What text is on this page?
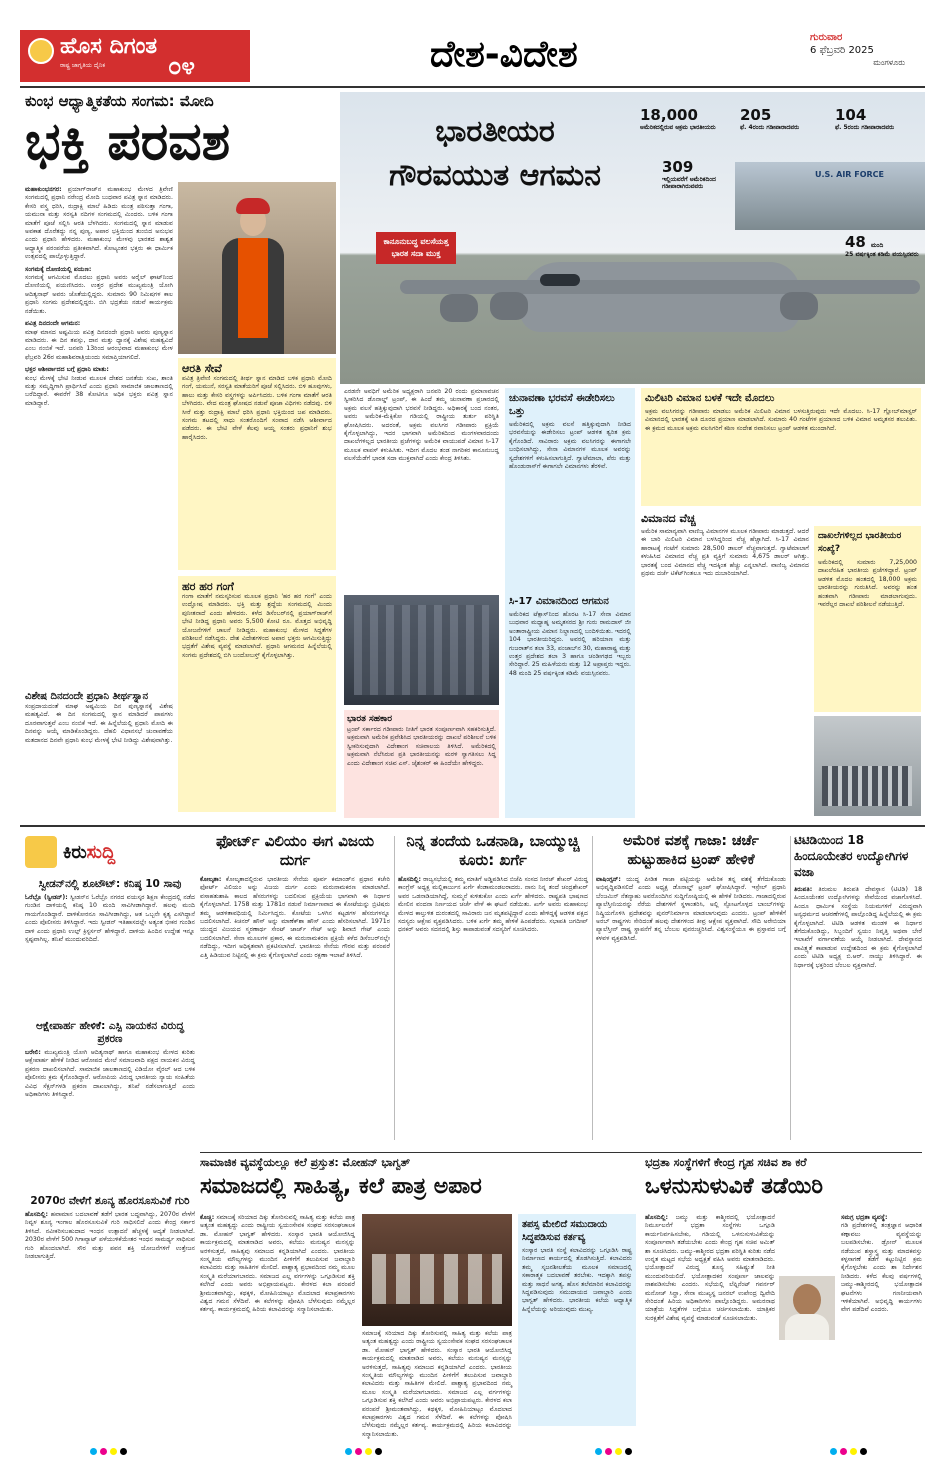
ಹೊಸ ದಿಗಂತ
ರಾಷ್ಟ್ರ ಜಾಗೃತಿಯ ದೈನಿಕ	೦೪	ದೇಶ-ವಿದೇಶ	ಗುರುವಾರ
6 ಫೆಬ್ರವರಿ 2025
ಮಂಗಳೂರು
ಕುಂಭ ಆಧ್ಯಾತ್ಮಿಕತೆಯ ಸಂಗಮ: ಮೋದಿ
ಭಕ್ತಿ ಪರವಶ
ಮಹಾಕುಂಭನಗರ: ಪ್ರಯಾಗ್‌ರಾಜ್‌ನ ಮಹಾಕುಂಭ ಮೇಳದ ತ್ರಿವೇಣಿ ಸಂಗಮದಲ್ಲಿ ಪ್ರಧಾನಿ ನರೇಂದ್ರ ಮೋದಿ ಬುಧವಾರ ಪವಿತ್ರ ಸ್ನಾನ ಮಾಡಿದರು. ಕೇಸರಿ ವಸ್ತ್ರ ಧರಿಸಿ, ರುದ್ರಾಕ್ಷಿ ಮಾಲೆ ಹಿಡಿದು ಮಂತ್ರ ಪಠಿಸುತ್ತಾ ಗಂಗಾ, ಯಮುನಾ ಮತ್ತು ಸರಸ್ವತಿ ನದಿಗಳ ಸಂಗಮದಲ್ಲಿ ಮಿಂದರು. ಬಳಿಕ ಗಂಗಾ ಮಾತೆಗೆ ಪೂಜೆ ಸಲ್ಲಿಸಿ ಆರತಿ ಬೆಳಗಿದರು. ಸಂಗಮದಲ್ಲಿ ಸ್ನಾನ ಮಾಡುವ ಅವಕಾಶ ದೊರೆತದ್ದು ನನ್ನ ಪುಣ್ಯ, ಅಪಾರ ಭಕ್ತಿಯಿಂದ ತುಂಬಿದ ಅನುಭವ ಎಂದು ಪ್ರಧಾನಿ ಹೇಳಿದರು. ಮಹಾಕುಂಭ ಮೇಳವು ಭಾರತದ ಶಾಶ್ವತ ಆಧ್ಯಾತ್ಮಿಕ ಪರಂಪರೆಯ ಪ್ರತೀಕವಾಗಿದೆ. ಕೋಟ್ಯಂತರ ಭಕ್ತರು ಈ ಧಾರ್ಮಿಕ ಉತ್ಸವದಲ್ಲಿ ಪಾಲ್ಗೊಳ್ಳುತ್ತಿದ್ದಾರೆ.
ಸಂಗಮಕ್ಕೆ ದೋಣಿಯಲ್ಲಿ ಪಯಣ:
ಸಂಗಮಕ್ಕೆ ಆಗಮಿಸುವ ಮೊದಲು ಪ್ರಧಾನಿ ಅವರು ಅರೈಲ್ ಘಾಟ್‌ನಿಂದ ದೋಣಿಯಲ್ಲಿ ಪಯಣಿಸಿದರು. ಉತ್ತರ ಪ್ರದೇಶ ಮುಖ್ಯಮಂತ್ರಿ ಯೋಗಿ ಆದಿತ್ಯನಾಥ್ ಅವರು ಜೊತೆಯಲ್ಲಿದ್ದರು. ಸುಮಾರು 90 ನಿಮಿಷಗಳ ಕಾಲ ಪ್ರಧಾನಿ ಸಂಗಮ ಪ್ರದೇಶದಲ್ಲಿದ್ದರು. ಬಿಗಿ ಭದ್ರತೆಯ ನಡುವೆ ಕಾರ್ಯಕ್ರಮ ನಡೆಯಿತು.
ಪವಿತ್ರ ದಿನದಂದೇ ಆಗಮನ:
ಮಾಘ ಮಾಸದ ಅಷ್ಟಮಿಯ ಪವಿತ್ರ ದಿನದಂದೇ ಪ್ರಧಾನಿ ಅವರು ಪುಣ್ಯಸ್ನಾನ ಮಾಡಿದರು. ಈ ದಿನ ತಪಸ್ಸು, ದಾನ ಮತ್ತು ಧ್ಯಾನಕ್ಕೆ ವಿಶೇಷ ಮಹತ್ವವಿದೆ ಎಂಬ ನಂಬಿಕೆ ಇದೆ. ಜನವರಿ 13ರಿಂದ ಆರಂಭವಾದ ಮಹಾಕುಂಭ ಮೇಳ ಫೆಬ್ರವರಿ 26ರ ಮಹಾಶಿವರಾತ್ರಿಯಂದು ಸಮಾಪ್ತಿಯಾಗಲಿದೆ.
ಭಕ್ತರ ಆಶೀರ್ವಾದದ ಬಗ್ಗೆ ಪ್ರಧಾನಿ ಮಾತು:
ಕುಂಭ ಮೇಳಕ್ಕೆ ಭೇಟಿ ನೀಡುವ ಮೂಲಕ ದೇಶದ ಜನತೆಯ ಸುಖ, ಶಾಂತಿ ಮತ್ತು ಸಮೃದ್ಧಿಗಾಗಿ ಪ್ರಾರ್ಥಿಸಿದೆ ಎಂದು ಪ್ರಧಾನಿ ಸಾಮಾಜಿಕ ಜಾಲತಾಣದಲ್ಲಿ ಬರೆದಿದ್ದಾರೆ. ಈವರೆಗೆ 38 ಕೋಟಿಗೂ ಅಧಿಕ ಭಕ್ತರು ಪವಿತ್ರ ಸ್ನಾನ ಮಾಡಿದ್ದಾರೆ.
ಆರತಿ ಸೇವೆ
ಪವಿತ್ರ ತ್ರಿವೇಣಿ ಸಂಗಮದಲ್ಲಿ ತೀರ್ಥ ಸ್ನಾನ ಮಾಡಿದ ಬಳಿಕ ಪ್ರಧಾನಿ ಮೋದಿ ಗಂಗೆ, ಯಮುನೆ, ಸರಸ್ವತಿ ಮಾತೆಯರಿಗೆ ಪೂಜೆ ಸಲ್ಲಿಸಿದರು. ಬಿಳಿ ಹೂವುಗಳು, ಹಾಲು ಮತ್ತು ಕೇಸರಿ ವಸ್ತ್ರಗಳನ್ನು ಅರ್ಪಿಸಿದರು. ಬಳಿಕ ಗಂಗಾ ಮಾತೆಗೆ ಆರತಿ ಬೆಳಗಿದರು. ವೇದ ಮಂತ್ರ ಘೋಷದ ನಡುವೆ ಪೂಜಾ ವಿಧಿಗಳು ನಡೆದವು. ಬಿಳಿ ಸೀರೆ ಮತ್ತು ರುದ್ರಾಕ್ಷಿ ಮಾಲೆ ಧರಿಸಿ ಪ್ರಧಾನಿ ಭಕ್ತಿಯಿಂದ ಜಪ ಮಾಡಿದರು. ಸಂಗಮ ತಟದಲ್ಲಿ ಸಾಧು ಸಂತರೊಂದಿಗೆ ಸಂವಾದ ನಡೆಸಿ ಆಶೀರ್ವಾದ ಪಡೆದರು. ಈ ಭೇಟಿ ವೇಳೆ ಕೆಲವು ಆಯ್ದ ಸಂತರು ಪ್ರಧಾನಿಗೆ ಶುಭ ಹಾರೈಸಿದರು.
ಹರ ಹರ ಗಂಗೆ
ಗಂಗಾ ಮಾತೆಗೆ ನಮಸ್ಕರಿಸುವ ಮೂಲಕ ಪ್ರಧಾನಿ 'ಹರ ಹರ ಗಂಗೆ' ಎಂದು ಉದ್ಘೋಷ ಮಾಡಿದರು. ಭಕ್ತಿ ಮತ್ತು ಶ್ರದ್ಧೆಯ ಸಂಗಮದಲ್ಲಿ ಮಿಂದು ಪುನೀತನಾದೆ ಎಂದು ಹೇಳಿದರು. ಕಳೆದ ಡಿಸೆಂಬರ್‌ನಲ್ಲಿ ಪ್ರಯಾಗ್‌ರಾಜ್‌ಗೆ ಭೇಟಿ ನೀಡಿದ್ದ ಪ್ರಧಾನಿ ಅವರು 5,500 ಕೋಟಿ ರೂ. ಮೊತ್ತದ ಅಭಿವೃದ್ಧಿ ಯೋಜನೆಗಳಿಗೆ ಚಾಲನೆ ನೀಡಿದ್ದರು. ಮಹಾಕುಂಭ ಮೇಳದ ಸಿದ್ಧತೆಗಳ ಪರಿಶೀಲನೆ ನಡೆಸಿದ್ದರು. ದೇಶ ವಿದೇಶಗಳಿಂದ ಅಪಾರ ಭಕ್ತರು ಆಗಮಿಸುತ್ತಿದ್ದು ಭದ್ರತೆಗೆ ವಿಶೇಷ ವ್ಯವಸ್ಥೆ ಮಾಡಲಾಗಿದೆ. ಪ್ರಧಾನಿ ಆಗಮನದ ಹಿನ್ನೆಲೆಯಲ್ಲಿ ಸಂಗಮ ಪ್ರದೇಶದಲ್ಲಿ ಬಿಗಿ ಬಂದೋಬಸ್ತ್ ಕೈಗೊಳ್ಳಲಾಗಿತ್ತು.
ವಿಶೇಷ ದಿನದಂದೇ ಪ್ರಧಾನಿ ತೀರ್ಥಸ್ನಾನ
ಸಂಪ್ರದಾಯದಂತೆ ಮಾಘ ಅಷ್ಟಮಿಯ ದಿನ ಪುಣ್ಯಸ್ನಾನಕ್ಕೆ ವಿಶೇಷ ಮಹತ್ವವಿದೆ. ಈ ದಿನ ಸಂಗಮದಲ್ಲಿ ಸ್ನಾನ ಮಾಡಿದರೆ ಪಾಪಗಳು ದೂರವಾಗುತ್ತವೆ ಎಂಬ ನಂಬಿಕೆ ಇದೆ. ಈ ಹಿನ್ನೆಲೆಯಲ್ಲಿ ಪ್ರಧಾನಿ ಮೋದಿ ಈ ದಿನವನ್ನು ಆಯ್ಕೆ ಮಾಡಿಕೊಂಡಿದ್ದರು. ದೆಹಲಿ ವಿಧಾನಸಭೆ ಚುನಾವಣೆಯ ಮತದಾನದ ದಿನವೇ ಪ್ರಧಾನಿ ಕುಂಭ ಮೇಳಕ್ಕೆ ಭೇಟಿ ನೀಡಿದ್ದು ವಿಶೇಷವಾಗಿತ್ತು.
ಭಾರತೀಯರ ಗೌರವಯುತ ಆಗಮನ
ಕಾನೂನುಬದ್ಧ ವಲಸೆಯತ್ತ ಭಾರತ ಸದಾ ಮುಕ್ತ
U.S. AIR FORCE
18,000
ಅಮೆರಿಕದಲ್ಲಿರುವ ಅಕ್ರಮ ಭಾರತೀಯರು
205
ಫೆ. 4ರಂದು ಗಡೀಪಾರಾದವರು
104
ಫೆ. 5ರಂದು ಗಡೀಪಾರಾದವರು
309
ಇಲ್ಲಿಯವರೆಗೆ ಅಮೆರಿಕದಿಂದ ಗಡೀಪಾರಾಗಿರುವವರು
48 ಮಂದಿ
25 ವರ್ಷಕ್ಕಿಂತ ಕಡಿಮೆ ವಯಸ್ಸಿನವರು
ಎರಡನೇ ಅವಧಿಗೆ ಅಮೆರಿಕ ಅಧ್ಯಕ್ಷರಾಗಿ ಜನವರಿ 20 ರಂದು ಪ್ರಮಾಣವಚನ ಸ್ವೀಕರಿಸಿದ ಡೊನಾಲ್ಡ್ ಟ್ರಂಪ್, ಈ ಹಿಂದೆ ತಮ್ಮ ಚುನಾವಣಾ ಪ್ರಚಾರದಲ್ಲಿ ಅಕ್ರಮ ವಲಸೆ ಹತ್ತಿಕ್ಕುವುದಾಗಿ ಭರವಸೆ ನೀಡಿದ್ದರು. ಅಧಿಕಾರಕ್ಕೆ ಬಂದ ನಂತರ, ಅವರು ಅಮೆರಿಕ-ಮೆಕ್ಸಿಕೋ ಗಡಿಯಲ್ಲಿ ರಾಷ್ಟ್ರೀಯ ತುರ್ತು ಪರಿಸ್ಥಿತಿ ಘೋಷಿಸಿದರು. ಅದರಂತೆ, ಅಕ್ರಮ ವಲಸಿಗರ ಗಡೀಪಾರು ಪ್ರಕ್ರಿಯೆ ಕೈಗೊಳ್ಳಲಾಗಿದ್ದು, ಇದರ ಭಾಗವಾಗಿ ಅಮೆರಿಕದಿಂದ ಮಂಗಳವಾರದಂದು ದಾಖಲೆಗಳಿಲ್ಲದ ಭಾರತೀಯ ಪ್ರಜೆಗಳನ್ನು ಅಮೆರಿಕ ವಾಯುಪಡೆ ವಿಮಾನ ಸಿ-17 ಮೂಲಕ ವಾಪಸ್ ಕಳುಹಿಸಿತು. ಇದೀಗ ಮೊದಲ ತಂಡ ನಾಗರಿಕರ ಕಾನೂನುಬದ್ಧ ವಲಸೆಯೆಡೆಗೆ ಭಾರತ ಸದಾ ಮುಕ್ತವಾಗಿದೆ ಎಂದು ಕೇಂದ್ರ ತಿಳಿಸಿತು.
ಭಾರತ ಸಹಕಾರ
ಟ್ರಂಪ್ ಸರ್ಕಾರದ ಗಡೀಪಾರು ನೀತಿಗೆ ಭಾರತ ಸಂಪೂರ್ಣವಾಗಿ ಸಹಕರಿಸುತ್ತಿದೆ. ಅಕ್ರಮವಾಗಿ ಅಮೆರಿಕ ಪ್ರವೇಶಿಸಿದ ಭಾರತೀಯರನ್ನು ದಾಖಲೆ ಪರಿಶೀಲನೆ ಬಳಿಕ ಸ್ವೀಕರಿಸುವುದಾಗಿ ವಿದೇಶಾಂಗ ಸಚಿವಾಲಯ ತಿಳಿಸಿದೆ. ಅಮೆರಿಕದಲ್ಲಿ ಅಕ್ರಮವಾಗಿ ನೆಲೆಸಿರುವ ಪ್ರತಿ ಭಾರತೀಯನನ್ನು ಮರಳಿ ಸ್ವಾಗತಿಸಲು ಸಿದ್ಧ ಎಂದು ವಿದೇಶಾಂಗ ಸಚಿವ ಎಸ್. ಜೈಶಂಕರ್ ಈ ಹಿಂದೆಯೇ ಹೇಳಿದ್ದರು.
ಚುನಾವಣಾ ಭರವಸೆ ಈಡೇರಿಸಲು ಒತ್ತು
ಅಮೆರಿಕದಲ್ಲಿ ಅಕ್ರಮ ವಲಸೆ ಹತ್ತಿಕ್ಕುವುದಾಗಿ ನೀಡಿದ ಭರವಸೆಯನ್ನು ಈಡೇರಿಸಲು ಟ್ರಂಪ್ ಆಡಳಿತ ತ್ವರಿತ ಕ್ರಮ ಕೈಗೊಂಡಿದೆ. ಸಾವಿರಾರು ಅಕ್ರಮ ವಲಸಿಗರನ್ನು ಈಗಾಗಲೇ ಬಂಧಿಸಲಾಗಿದ್ದು, ಸೇನಾ ವಿಮಾನಗಳ ಮೂಲಕ ಅವರನ್ನು ಸ್ವದೇಶಗಳಿಗೆ ಕಳುಹಿಸಲಾಗುತ್ತಿದೆ. ಗ್ವಾಟೆಮಾಲಾ, ಪೆರು ಮತ್ತು ಹೊಂಡುರಾಸ್‌ಗೆ ಈಗಾಗಲೇ ವಿಮಾನಗಳು ತೆರಳಿವೆ.
ಸಿ-17 ವಿಮಾನದಿಂದ ಆಗಮನ
ಅಮೆರಿಕದ ಟೆಕ್ಸಾಸ್‌ನಿಂದ ಹೊರಟ ಸಿ-17 ಸೇನಾ ವಿಮಾನ ಬುಧವಾರ ಮಧ್ಯಾಹ್ನ ಅಮೃತಸರದ ಶ್ರೀ ಗುರು ರಾಮದಾಸ್ ಜೀ ಅಂತಾರಾಷ್ಟ್ರೀಯ ವಿಮಾನ ನಿಲ್ದಾಣದಲ್ಲಿ ಬಂದಿಳಿಯಿತು. ಇದರಲ್ಲಿ 104 ಭಾರತೀಯರಿದ್ದರು. ಅವರಲ್ಲಿ ಹರಿಯಾಣ ಮತ್ತು ಗುಜರಾತ್‌ನ ತಲಾ 33, ಪಂಜಾಬ್‌ನ 30, ಮಹಾರಾಷ್ಟ್ರ ಮತ್ತು ಉತ್ತರ ಪ್ರದೇಶದ ತಲಾ 3 ಹಾಗೂ ಚಂಡೀಗಢದ ಇಬ್ಬರು ಸೇರಿದ್ದಾರೆ. 25 ಮಹಿಳೆಯರು ಮತ್ತು 12 ಅಪ್ರಾಪ್ತರು ಇದ್ದರು. 48 ಮಂದಿ 25 ವರ್ಷಕ್ಕಿಂತ ಕಡಿಮೆ ವಯಸ್ಸಿನವರು.
ಮಿಲಿಟರಿ ವಿಮಾನ ಬಳಕೆ ಇದೇ ಮೊದಲು
ಅಕ್ರಮ ವಲಸಿಗರನ್ನು ಗಡೀಪಾರು ಮಾಡಲು ಅಮೆರಿಕ ಮಿಲಿಟರಿ ವಿಮಾನ ಬಳಸುತ್ತಿರುವುದು ಇದೇ ಮೊದಲು. ಸಿ-17 ಗ್ಲೋಬ್‌ಮಾಸ್ಟರ್ ವಿಮಾನದಲ್ಲಿ ಭಾರತಕ್ಕೆ ಅತಿ ದೂರದ ಪ್ರಯಾಣ ಮಾಡಲಾಗಿದೆ. ಸುಮಾರು 40 ಗಂಟೆಗಳ ಪ್ರಯಾಣದ ಬಳಿಕ ವಿಮಾನ ಅಮೃತಸರ ತಲುಪಿತು. ಈ ಕ್ರಮದ ಮೂಲಕ ಅಕ್ರಮ ವಲಸಿಗರಿಗೆ ಕಠಿಣ ಸಂದೇಶ ರವಾನಿಸಲು ಟ್ರಂಪ್ ಆಡಳಿತ ಮುಂದಾಗಿದೆ.
ವಿಮಾನದ ವೆಚ್ಚ
ಅಮೆರಿಕ ಸಾಮಾನ್ಯವಾಗಿ ವಾಣಿಜ್ಯ ವಿಮಾನಗಳ ಮೂಲಕ ಗಡೀಪಾರು ಮಾಡುತ್ತದೆ. ಆದರೆ ಈ ಬಾರಿ ಮಿಲಿಟರಿ ವಿಮಾನ ಬಳಸಿದ್ದರಿಂದ ವೆಚ್ಚ ಹೆಚ್ಚಾಗಿದೆ. ಸಿ-17 ವಿಮಾನ ಹಾರಾಟಕ್ಕೆ ಗಂಟೆಗೆ ಸುಮಾರು 28,500 ಡಾಲರ್ ವೆಚ್ಚವಾಗುತ್ತದೆ. ಗ್ವಾಟೆಮಾಲಾಗೆ ಕಳುಹಿಸಿದ ವಿಮಾನದ ವೆಚ್ಚ ಪ್ರತಿ ವ್ಯಕ್ತಿಗೆ ಸುಮಾರು 4,675 ಡಾಲರ್ ಆಗಿತ್ತು. ಭಾರತಕ್ಕೆ ಬಂದ ವಿಮಾನದ ವೆಚ್ಚ ಇದಕ್ಕಿಂತ ಹೆಚ್ಚು ಎನ್ನಲಾಗಿದೆ. ವಾಣಿಜ್ಯ ವಿಮಾನದ ಪ್ರಥಮ ದರ್ಜೆ ಟಿಕೆಟ್‌ಗಿಂತಲೂ ಇದು ದುಬಾರಿಯಾಗಿದೆ.
ದಾಖಲೆಗಳಿಲ್ಲದ ಭಾರತೀಯರ ಸಂಖ್ಯೆ?
ಅಮೆರಿಕದಲ್ಲಿ ಸುಮಾರು 7,25,000 ದಾಖಲೆರಹಿತ ಭಾರತೀಯ ಪ್ರಜೆಗಳಿದ್ದಾರೆ. ಟ್ರಂಪ್ ಆಡಳಿತ ಮೊದಲ ಹಂತದಲ್ಲಿ 18,000 ಅಕ್ರಮ ಭಾರತೀಯರನ್ನು ಗುರುತಿಸಿದೆ. ಅವರನ್ನು ಹಂತ ಹಂತವಾಗಿ ಗಡೀಪಾರು ಮಾಡಲಾಗುವುದು. ಇವರೆಲ್ಲರ ದಾಖಲೆ ಪರಿಶೀಲನೆ ನಡೆಯುತ್ತಿದೆ.
ಕಿರು ಸುದ್ದಿ
ಸ್ವೀಡನ್‌ನಲ್ಲಿ ಶೂಟೌಟ್: ಕನಿಷ್ಠ 10 ಸಾವು
ಓರೆಬ್ರೊ (ಸ್ವೀಡನ್): ಸ್ವೀಡನ್‌ನ ಓರೆಬ್ರೊ ನಗರದ ವಯಸ್ಕರ ಶಿಕ್ಷಣ ಕೇಂದ್ರದಲ್ಲಿ ನಡೆದ ಗುಂಡಿನ ದಾಳಿಯಲ್ಲಿ ಕನಿಷ್ಠ 10 ಮಂದಿ ಸಾವಿಗೀಡಾಗಿದ್ದಾರೆ. ಹಲವು ಮಂದಿ ಗಾಯಗೊಂಡಿದ್ದಾರೆ. ದಾಳಿಕೋರನೂ ಸಾವಿಗೀಡಾಗಿದ್ದು, ಆತ ಒಬ್ಬನೇ ಕೃತ್ಯ ಎಸಗಿದ್ದಾನೆ ಎಂದು ಪೊಲೀಸರು ತಿಳಿಸಿದ್ದಾರೆ. ಇದು ಸ್ವೀಡನ್ ಇತಿಹಾಸದಲ್ಲೇ ಅತ್ಯಂತ ಭೀಕರ ಗುಂಡಿನ ದಾಳಿ ಎಂದು ಪ್ರಧಾನಿ ಉಲ್ಫ್ ಕ್ರಿಸ್ಟರ್ಸನ್ ಹೇಳಿದ್ದಾರೆ. ದಾಳಿಯ ಹಿಂದಿನ ಉದ್ದೇಶ ಇನ್ನೂ ಸ್ಪಷ್ಟವಾಗಿಲ್ಲ. ತನಿಖೆ ಮುಂದುವರಿದಿದೆ.
ಆಕ್ಷೇಪಾರ್ಹ ಹೇಳಿಕೆ: ಎಸ್ಪಿ ನಾಯಕನ ವಿರುದ್ಧ ಪ್ರಕರಣ
ಬರೇಲಿ: ಮುಖ್ಯಮಂತ್ರಿ ಯೋಗಿ ಆದಿತ್ಯನಾಥ್ ಹಾಗೂ ಮಹಾಕುಂಭ ಮೇಳದ ಕುರಿತು ಆಕ್ಷೇಪಾರ್ಹ ಹೇಳಿಕೆ ನೀಡಿದ ಆರೋಪದ ಮೇಲೆ ಸಮಾಜವಾದಿ ಪಕ್ಷದ ನಾಯಕನ ವಿರುದ್ಧ ಪ್ರಕರಣ ದಾಖಲಿಸಲಾಗಿದೆ. ಸಾಮಾಜಿಕ ಜಾಲತಾಣದಲ್ಲಿ ವಿಡಿಯೋ ವೈರಲ್ ಆದ ಬಳಿಕ ಪೊಲೀಸರು ಕ್ರಮ ಕೈಗೊಂಡಿದ್ದಾರೆ. ಆರೋಪಿಯ ವಿರುದ್ಧ ಭಾರತೀಯ ನ್ಯಾಯ ಸಂಹಿತೆಯ ವಿವಿಧ ಸೆಕ್ಷನ್‌ಗಳಡಿ ಪ್ರಕರಣ ದಾಖಲಾಗಿದ್ದು, ತನಿಖೆ ನಡೆಸಲಾಗುತ್ತಿದೆ ಎಂದು ಅಧಿಕಾರಿಗಳು ತಿಳಿಸಿದ್ದಾರೆ.
2070ರ ವೇಳೆಗೆ ಶೂನ್ಯ ಹೊರಸೂಸುವಿಕೆ ಗುರಿ
ಹೊಸದಿಲ್ಲಿ: ಹವಾಮಾನ ಬದಲಾವಣೆ ತಡೆಗೆ ಭಾರತ ಬದ್ಧವಾಗಿದ್ದು, 2070ರ ವೇಳೆಗೆ ನಿವ್ವಳ ಶೂನ್ಯ ಇಂಗಾಲ ಹೊರಸೂಸುವಿಕೆ ಗುರಿ ಸಾಧಿಸಲಿದೆ ಎಂದು ಕೇಂದ್ರ ಸರ್ಕಾರ ತಿಳಿಸಿದೆ. ನವೀಕರಿಸಬಹುದಾದ ಇಂಧನ ಉತ್ಪಾದನೆ ಹೆಚ್ಚಳಕ್ಕೆ ಆದ್ಯತೆ ನೀಡಲಾಗಿದೆ. 2030ರ ವೇಳೆಗೆ 500 ಗಿಗಾವ್ಯಾಟ್ ಪಳೆಯುಳಿಕೆಯೇತರ ಇಂಧನ ಸಾಮರ್ಥ್ಯ ಸಾಧಿಸುವ ಗುರಿ ಹೊಂದಲಾಗಿದೆ. ಸೌರ ಮತ್ತು ಪವನ ಶಕ್ತಿ ಯೋಜನೆಗಳಿಗೆ ಉತ್ತೇಜನ ನೀಡಲಾಗುತ್ತಿದೆ.
ಫೋರ್ಟ್ ವಿಲಿಯಂ ಈಗ ವಿಜಯ ದುರ್ಗ
ಕೋಲ್ಕತಾ: ಕೋಲ್ಕತಾದಲ್ಲಿರುವ ಭಾರತೀಯ ಸೇನೆಯ ಪೂರ್ವ ಕಮಾಂಡ್‌ನ ಪ್ರಧಾನ ಕಚೇರಿ ಫೋರ್ಟ್ ವಿಲಿಯಂ ಅನ್ನು ವಿಜಯ ದುರ್ಗ ಎಂದು ಮರುನಾಮಕರಣ ಮಾಡಲಾಗಿದೆ. ವಸಾಹತುಶಾಹಿ ಕಾಲದ ಹೆಸರುಗಳನ್ನು ಬದಲಿಸುವ ಪ್ರಕ್ರಿಯೆಯ ಭಾಗವಾಗಿ ಈ ನಿರ್ಧಾರ ಕೈಗೊಳ್ಳಲಾಗಿದೆ. 1758 ಮತ್ತು 1781ರ ನಡುವೆ ನಿರ್ಮಾಣವಾದ ಈ ಕೋಟೆಯನ್ನು ಬ್ರಿಟಿಷರು ತಮ್ಮ ಆಡಳಿತಾವಧಿಯಲ್ಲಿ ನಿರ್ಮಿಸಿದ್ದರು. ಕೋಟೆಯ ಒಳಗಿನ ಕಟ್ಟಡಗಳ ಹೆಸರುಗಳನ್ನೂ ಬದಲಿಸಲಾಗಿದೆ. ಕಿಚನರ್ ಹೌಸ್ ಅನ್ನು ಮಾಣೆಕ್‌ಶಾ ಹೌಸ್ ಎಂದು ಹೆಸರಿಸಲಾಗಿದೆ. 1971ರ ಯುದ್ಧದ ವಿಜಯದ ಸ್ಮರಣಾರ್ಥ ಸೇಂಟ್ ಜಾರ್ಜ್ ಗೇಟ್ ಅನ್ನು ಶಿವಾಜಿ ಗೇಟ್ ಎಂದು ಬದಲಿಸಲಾಗಿದೆ. ಸೇನಾ ಮೂಲಗಳ ಪ್ರಕಾರ, ಈ ಮರುನಾಮಕರಣ ಪ್ರಕ್ರಿಯೆ ಕಳೆದ ಡಿಸೆಂಬರ್‌ನಲ್ಲೇ ನಡೆದಿದ್ದು, ಇದೀಗ ಅಧಿಕೃತವಾಗಿ ಪ್ರಕಟಿಸಲಾಗಿದೆ. ಭಾರತೀಯ ಸೇನೆಯ ಗೌರವ ಮತ್ತು ಪರಂಪರೆ ಎತ್ತಿ ಹಿಡಿಯುವ ನಿಟ್ಟಿನಲ್ಲಿ ಈ ಕ್ರಮ ಕೈಗೊಳ್ಳಲಾಗಿದೆ ಎಂದು ರಕ್ಷಣಾ ಇಲಾಖೆ ತಿಳಿಸಿದೆ.
ನಿನ್ನ ತಂದೆಯ ಒಡನಾಡಿ, ಬಾಯ್ಮುಚ್ಚಿ ಕೂರು: ಖರ್ಗೆ
ಹೊಸದಿಲ್ಲಿ: ರಾಜ್ಯಸಭೆಯಲ್ಲಿ ತಮ್ಮ ಮಾತಿಗೆ ಅಡ್ಡಿಪಡಿಸಿದ ಬಿಜೆಪಿ ಸಂಸದ ನೀರಜ್ ಶೇಖರ್ ವಿರುದ್ಧ ಕಾಂಗ್ರೆಸ್ ಅಧ್ಯಕ್ಷ ಮಲ್ಲಿಕಾರ್ಜುನ ಖರ್ಗೆ ಕೆಂಡಾಮಂಡಲರಾದರು. ನಾನು ನಿನ್ನ ತಂದೆ ಚಂದ್ರಶೇಖರ್ ಅವರ ಒಡನಾಡಿಯಾಗಿದ್ದೆ, ಸುಮ್ಮನೆ ಕುಳಿತುಕೋ ಎಂದು ಖರ್ಗೆ ಹೇಳಿದರು. ರಾಷ್ಟ್ರಪತಿ ಭಾಷಣದ ಮೇಲಿನ ವಂದನಾ ನಿರ್ಣಯದ ಚರ್ಚೆ ವೇಳೆ ಈ ಘಟನೆ ನಡೆಯಿತು. ಖರ್ಗೆ ಅವರು ಮಹಾಕುಂಭ ಮೇಳದ ಕಾಲ್ತುಳಿತ ದುರಂತದಲ್ಲಿ ಸಾವಿರಾರು ಜನ ಮೃತಪಟ್ಟಿದ್ದಾರೆ ಎಂದು ಹೇಳಿದ್ದಕ್ಕೆ ಆಡಳಿತ ಪಕ್ಷದ ಸದಸ್ಯರು ಆಕ್ಷೇಪ ವ್ಯಕ್ತಪಡಿಸಿದರು. ಬಳಿಕ ಖರ್ಗೆ ತಮ್ಮ ಹೇಳಿಕೆ ಹಿಂಪಡೆದರು. ಸಭಾಪತಿ ಜಗದೀಪ್ ಧನಕರ್ ಅವರು ಸದನದಲ್ಲಿ ಶಿಸ್ತು ಕಾಪಾಡುವಂತೆ ಸದಸ್ಯರಿಗೆ ಸೂಚಿಸಿದರು.
ಅಮೆರಿಕ ವಶಕ್ಕೆ ಗಾಜಾ: ಚರ್ಚೆ ಹುಟ್ಟುಹಾಕಿದ ಟ್ರಂಪ್ ಹೇಳಿಕೆ
ವಾಷಿಂಗ್ಟನ್: ಯುದ್ಧ ಪೀಡಿತ ಗಾಜಾ ಪಟ್ಟಿಯನ್ನು ಅಮೆರಿಕ ತನ್ನ ವಶಕ್ಕೆ ತೆಗೆದುಕೊಂಡು ಅಭಿವೃದ್ಧಿಪಡಿಸಲಿದೆ ಎಂದು ಅಧ್ಯಕ್ಷ ಡೊನಾಲ್ಡ್ ಟ್ರಂಪ್ ಘೋಷಿಸಿದ್ದಾರೆ. ಇಸ್ರೇಲ್ ಪ್ರಧಾನಿ ಬೆಂಜಮಿನ್ ನೆತನ್ಯಾಹು ಅವರೊಂದಿಗಿನ ಸುದ್ದಿಗೋಷ್ಠಿಯಲ್ಲಿ ಈ ಹೇಳಿಕೆ ನೀಡಿದರು. ಗಾಜಾದಲ್ಲಿರುವ ಪ್ಯಾಲೆಸ್ತೀನಿಯರನ್ನು ನೆರೆಯ ದೇಶಗಳಿಗೆ ಸ್ಥಳಾಂತರಿಸಿ, ಅಲ್ಲಿ ಸ್ಫೋಟಗೊಳ್ಳದ ಬಾಂಬ್‌ಗಳನ್ನು ನಿಷ್ಕ್ರಿಯಗೊಳಿಸಿ ಪ್ರದೇಶವನ್ನು ಪುನರ್‌ನಿರ್ಮಾಣ ಮಾಡಲಾಗುವುದು ಎಂದರು. ಟ್ರಂಪ್ ಹೇಳಿಕೆಗೆ ಅರಬ್ ರಾಷ್ಟ್ರಗಳು ಸೇರಿದಂತೆ ಹಲವು ದೇಶಗಳಿಂದ ತೀವ್ರ ಆಕ್ಷೇಪ ವ್ಯಕ್ತವಾಗಿದೆ. ಸೌದಿ ಅರೇಬಿಯಾ ಪ್ಯಾಲೆಸ್ತೀನ್ ರಾಷ್ಟ್ರ ಸ್ಥಾಪನೆಗೆ ತನ್ನ ಬೆಂಬಲ ಪುನರುಚ್ಚರಿಸಿದೆ. ವಿಶ್ವಸಂಸ್ಥೆಯೂ ಈ ಪ್ರಸ್ತಾವದ ಬಗ್ಗೆ ಕಳವಳ ವ್ಯಕ್ತಪಡಿಸಿದೆ.
ಟಿಟಿಡಿಯಿಂದ 18 ಹಿಂದೂಯೇತರ ಉದ್ಯೋಗಿಗಳ ವಜಾ
ತಿರುಪತಿ: ತಿರುಮಲ ತಿರುಪತಿ ದೇವಸ್ಥಾನ (ಟಿಟಿಡಿ) 18 ಹಿಂದೂಯೇತರ ಉದ್ಯೋಗಿಗಳನ್ನು ಸೇವೆಯಿಂದ ವಜಾಗೊಳಿಸಿದೆ. ಹಿಂದೂ ಧಾರ್ಮಿಕ ಸಂಸ್ಥೆಯ ನಿಯಮಗಳಿಗೆ ವಿರುದ್ಧವಾಗಿ ಅನ್ಯಧರ್ಮದ ಆಚರಣೆಗಳಲ್ಲಿ ಪಾಲ್ಗೊಂಡಿದ್ದ ಹಿನ್ನೆಲೆಯಲ್ಲಿ ಈ ಕ್ರಮ ಕೈಗೊಳ್ಳಲಾಗಿದೆ. ಟಿಟಿಡಿ ಆಡಳಿತ ಮಂಡಳಿ ಈ ನಿರ್ಧಾರ ತೆಗೆದುಕೊಂಡಿದ್ದು, ಸಿಬ್ಬಂದಿಗೆ ಸ್ವಯಂ ನಿವೃತ್ತಿ ಅಥವಾ ಬೇರೆ ಇಲಾಖೆಗೆ ವರ್ಗಾವಣೆಯ ಆಯ್ಕೆ ನೀಡಲಾಗಿದೆ. ದೇವಸ್ಥಾನದ ಪಾವಿತ್ರ್ಯತೆ ಕಾಪಾಡುವ ಉದ್ದೇಶದಿಂದ ಈ ಕ್ರಮ ಕೈಗೊಳ್ಳಲಾಗಿದೆ ಎಂದು ಟಿಟಿಡಿ ಅಧ್ಯಕ್ಷ ಬಿ.ಆರ್. ನಾಯ್ಡು ತಿಳಿಸಿದ್ದಾರೆ. ಈ ನಿರ್ಧಾರಕ್ಕೆ ಭಕ್ತರಿಂದ ಬೆಂಬಲ ವ್ಯಕ್ತವಾಗಿದೆ.
ಸಾಮಾಜಿಕ ವ್ಯವಸ್ಥೆಯಲ್ಲೂ ಕಲೆ ಪ್ರಸ್ತುತ: ಮೋಹನ್ ಭಾಗ್ವತ್
ಸಮಾಜದಲ್ಲಿ ಸಾಹಿತ್ಯ, ಕಲೆ ಪಾತ್ರ ಅಪಾರ
ಕೊಚ್ಚಿ: ಸಮಾಜಕ್ಕೆ ಸರಿಯಾದ ದಿಕ್ಕು ತೋರಿಸುವಲ್ಲಿ ಸಾಹಿತ್ಯ ಮತ್ತು ಕಲೆಯ ಪಾತ್ರ ಅತ್ಯಂತ ಮಹತ್ವದ್ದು ಎಂದು ರಾಷ್ಟ್ರೀಯ ಸ್ವಯಂಸೇವಕ ಸಂಘದ ಸರಸಂಘಚಾಲಕ ಡಾ. ಮೋಹನ್ ಭಾಗ್ವತ್ ಹೇಳಿದರು. ಸಂಸ್ಕಾರ ಭಾರತಿ ಆಯೋಜಿಸಿದ್ದ ಕಾರ್ಯಕ್ರಮದಲ್ಲಿ ಮಾತನಾಡಿದ ಅವರು, ಕಲೆಯು ಮನುಷ್ಯನ ಮನಸ್ಸನ್ನು ಅರಳಿಸುತ್ತದೆ, ಸಾಹಿತ್ಯವು ಸಮಾಜದ ಕನ್ನಡಿಯಾಗಿದೆ ಎಂದರು. ಭಾರತೀಯ ಸಂಸ್ಕೃತಿಯ ಮೌಲ್ಯಗಳನ್ನು ಮುಂದಿನ ಪೀಳಿಗೆಗೆ ತಲುಪಿಸುವ ಜವಾಬ್ದಾರಿ ಕಲಾವಿದರು ಮತ್ತು ಸಾಹಿತಿಗಳ ಮೇಲಿದೆ. ಪಾಶ್ಚಾತ್ಯ ಪ್ರಭಾವದಿಂದ ನಮ್ಮ ಮೂಲ ಸಂಸ್ಕೃತಿ ಮರೆಯಾಗಬಾರದು. ಸಮಾಜದ ಎಲ್ಲ ವರ್ಗಗಳನ್ನು ಒಗ್ಗೂಡಿಸುವ ಶಕ್ತಿ ಕಲೆಗಿದೆ ಎಂದು ಅವರು ಅಭಿಪ್ರಾಯಪಟ್ಟರು. ಕೇರಳದ ಕಲಾ ಪರಂಪರೆ ಶ್ರೀಮಂತವಾಗಿದ್ದು, ಕಥಕ್ಕಳಿ, ಮೋಹಿನಿಯಾಟ್ಟಂ ಮೊದಲಾದ ಕಲಾಪ್ರಕಾರಗಳು ವಿಶ್ವದ ಗಮನ ಸೆಳೆದಿವೆ. ಈ ಕಲೆಗಳನ್ನು ಪೋಷಿಸಿ ಬೆಳೆಸುವುದು ನಮ್ಮೆಲ್ಲರ ಕರ್ತವ್ಯ. ಕಾರ್ಯಕ್ರಮದಲ್ಲಿ ಹಿರಿಯ ಕಲಾವಿದರನ್ನು ಸನ್ಮಾನಿಸಲಾಯಿತು.
ಸಮಾಜಕ್ಕೆ ಸರಿಯಾದ ದಿಕ್ಕು ತೋರಿಸುವಲ್ಲಿ ಸಾಹಿತ್ಯ ಮತ್ತು ಕಲೆಯ ಪಾತ್ರ ಅತ್ಯಂತ ಮಹತ್ವದ್ದು ಎಂದು ರಾಷ್ಟ್ರೀಯ ಸ್ವಯಂಸೇವಕ ಸಂಘದ ಸರಸಂಘಚಾಲಕ ಡಾ. ಮೋಹನ್ ಭಾಗ್ವತ್ ಹೇಳಿದರು. ಸಂಸ್ಕಾರ ಭಾರತಿ ಆಯೋಜಿಸಿದ್ದ ಕಾರ್ಯಕ್ರಮದಲ್ಲಿ ಮಾತನಾಡಿದ ಅವರು, ಕಲೆಯು ಮನುಷ್ಯನ ಮನಸ್ಸನ್ನು ಅರಳಿಸುತ್ತದೆ, ಸಾಹಿತ್ಯವು ಸಮಾಜದ ಕನ್ನಡಿಯಾಗಿದೆ ಎಂದರು. ಭಾರತೀಯ ಸಂಸ್ಕೃತಿಯ ಮೌಲ್ಯಗಳನ್ನು ಮುಂದಿನ ಪೀಳಿಗೆಗೆ ತಲುಪಿಸುವ ಜವಾಬ್ದಾರಿ ಕಲಾವಿದರು ಮತ್ತು ಸಾಹಿತಿಗಳ ಮೇಲಿದೆ. ಪಾಶ್ಚಾತ್ಯ ಪ್ರಭಾವದಿಂದ ನಮ್ಮ ಮೂಲ ಸಂಸ್ಕೃತಿ ಮರೆಯಾಗಬಾರದು. ಸಮಾಜದ ಎಲ್ಲ ವರ್ಗಗಳನ್ನು ಒಗ್ಗೂಡಿಸುವ ಶಕ್ತಿ ಕಲೆಗಿದೆ ಎಂದು ಅವರು ಅಭಿಪ್ರಾಯಪಟ್ಟರು. ಕೇರಳದ ಕಲಾ ಪರಂಪರೆ ಶ್ರೀಮಂತವಾಗಿದ್ದು, ಕಥಕ್ಕಳಿ, ಮೋಹಿನಿಯಾಟ್ಟಂ ಮೊದಲಾದ ಕಲಾಪ್ರಕಾರಗಳು ವಿಶ್ವದ ಗಮನ ಸೆಳೆದಿವೆ. ಈ ಕಲೆಗಳನ್ನು ಪೋಷಿಸಿ ಬೆಳೆಸುವುದು ನಮ್ಮೆಲ್ಲರ ಕರ್ತವ್ಯ. ಕಾರ್ಯಕ್ರಮದಲ್ಲಿ ಹಿರಿಯ ಕಲಾವಿದರನ್ನು ಸನ್ಮಾನಿಸಲಾಯಿತು.
ತಪಸ್ಸ ಮೇಲಿದೆ ಸಮುದಾಯ ಸಿದ್ಧಪಡಿಸುವ ಕರ್ತವ್ಯ
ಸಂಸ್ಕಾರ ಭಾರತಿ ಸಂಸ್ಥೆ ಕಲಾವಿದರನ್ನು ಒಗ್ಗೂಡಿಸಿ ರಾಷ್ಟ್ರ ನಿರ್ಮಾಣದ ಕಾರ್ಯದಲ್ಲಿ ತೊಡಗಿಸುತ್ತಿದೆ. ಕಲಾವಿದರು ತಮ್ಮ ಸೃಜನಶೀಲತೆಯ ಮೂಲಕ ಸಮಾಜದಲ್ಲಿ ಸಕಾರಾತ್ಮಕ ಬದಲಾವಣೆ ತರಬೇಕು. ಇದಕ್ಕಾಗಿ ತಪಸ್ಸು ಮತ್ತು ಸಾಧನೆ ಅಗತ್ಯ. ಹೊಸ ತಲೆಮಾರಿನ ಕಲಾವಿದರನ್ನು ಸಿದ್ಧಪಡಿಸುವುದು ಸಮುದಾಯದ ಜವಾಬ್ದಾರಿ ಎಂದು ಭಾಗ್ವತ್ ಹೇಳಿದರು. ಭಾರತೀಯ ಕಲೆಯ ಆಧ್ಯಾತ್ಮಿಕ ಹಿನ್ನೆಲೆಯನ್ನು ಅರಿಯುವುದು ಮುಖ್ಯ.
ಭದ್ರತಾ ಸಂಸ್ಥೆಗಳಿಗೆ ಕೇಂದ್ರ ಗೃಹ ಸಚಿವ ಶಾ ಕರೆ
ಒಳನುಸುಳುವಿಕೆ ತಡೆಯಿರಿ
ಹೊಸದಿಲ್ಲಿ: ಜಮ್ಮು ಮತ್ತು ಕಾಶ್ಮೀರದಲ್ಲಿ ಭಯೋತ್ಪಾದನೆ ನಿರ್ಮೂಲನೆಗೆ ಭದ್ರತಾ ಸಂಸ್ಥೆಗಳು ಒಗ್ಗೂಡಿ ಕಾರ್ಯನಿರ್ವಹಿಸಬೇಕು, ಗಡಿಯಲ್ಲಿ ಒಳನುಸುಳುವಿಕೆಯನ್ನು ಸಂಪೂರ್ಣವಾಗಿ ತಡೆಯಬೇಕು ಎಂದು ಕೇಂದ್ರ ಗೃಹ ಸಚಿವ ಅಮಿತ್ ಶಾ ಸೂಚಿಸಿದರು. ಜಮ್ಮು-ಕಾಶ್ಮೀರದ ಭದ್ರತಾ ಪರಿಸ್ಥಿತಿ ಕುರಿತು ನಡೆದ ಉನ್ನತ ಮಟ್ಟದ ಸಭೆಯ ಅಧ್ಯಕ್ಷತೆ ವಹಿಸಿ ಅವರು ಮಾತನಾಡಿದರು. ಭಯೋತ್ಪಾದನೆ ವಿರುದ್ಧ ಶೂನ್ಯ ಸಹಿಷ್ಣುತೆ ನೀತಿ ಮುಂದುವರಿಯಲಿದೆ. ಭಯೋತ್ಪಾದಕರ ಸಂಪೂರ್ಣ ಜಾಲವನ್ನು ನಾಶಪಡಿಸಬೇಕು ಎಂದರು. ಸಭೆಯಲ್ಲಿ ಲೆಫ್ಟಿನೆಂಟ್ ಗವರ್ನರ್ ಮನೋಜ್ ಸಿನ್ಹಾ, ಸೇನಾ ಮುಖ್ಯಸ್ಥ ಜನರಲ್ ಉಪೇಂದ್ರ ದ್ವಿವೇದಿ ಸೇರಿದಂತೆ ಹಿರಿಯ ಅಧಿಕಾರಿಗಳು ಪಾಲ್ಗೊಂಡಿದ್ದರು. ಅಮರನಾಥ ಯಾತ್ರೆಯ ಸಿದ್ಧತೆಗಳ ಬಗ್ಗೆಯೂ ಚರ್ಚಿಸಲಾಯಿತು. ಯಾತ್ರಿಕರ ಸುರಕ್ಷತೆಗೆ ವಿಶೇಷ ವ್ಯವಸ್ಥೆ ಮಾಡುವಂತೆ ಸೂಚಿಸಲಾಯಿತು.
ಸಮಗ್ರ ಭದ್ರತಾ ವ್ಯವಸ್ಥೆ:
ಗಡಿ ಪ್ರದೇಶಗಳಲ್ಲಿ ತಂತ್ರಜ್ಞಾನ ಆಧಾರಿತ ಕಣ್ಗಾವಲು ವ್ಯವಸ್ಥೆಯನ್ನು ಬಲಪಡಿಸಬೇಕು. ಡ್ರೋನ್ ಮೂಲಕ ನಡೆಯುವ ಶಸ್ತ್ರಾಸ್ತ್ರ ಮತ್ತು ಮಾದಕವಸ್ತು ಕಳ್ಳಸಾಗಣೆ ತಡೆಗೆ ಕಟ್ಟುನಿಟ್ಟಿನ ಕ್ರಮ ಕೈಗೊಳ್ಳಬೇಕು ಎಂದು ಶಾ ನಿರ್ದೇಶನ ನೀಡಿದರು. ಕಳೆದ ಕೆಲವು ವರ್ಷಗಳಲ್ಲಿ ಜಮ್ಮು-ಕಾಶ್ಮೀರದಲ್ಲಿ ಭಯೋತ್ಪಾದಕ ಘಟನೆಗಳು ಗಣನೀಯವಾಗಿ ಇಳಿಕೆಯಾಗಿವೆ. ಅಭಿವೃದ್ಧಿ ಕಾರ್ಯಗಳು ವೇಗ ಪಡೆದಿವೆ ಎಂದರು.
